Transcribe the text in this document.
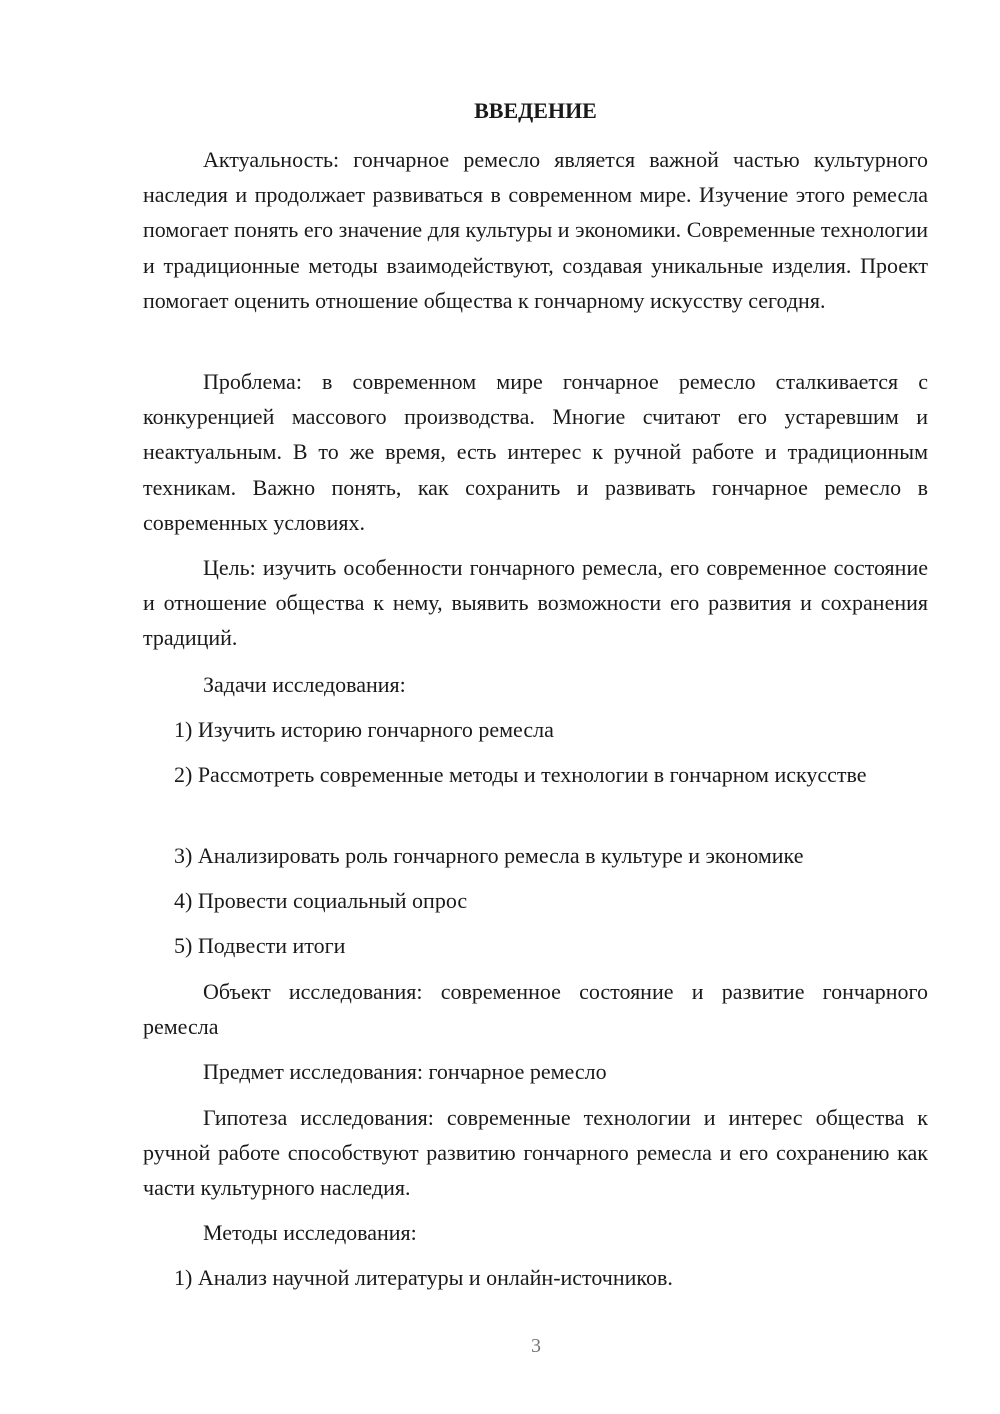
ВВЕДЕНИЕ

Актуальность: гончарное ремесло является важной частью культурного наследия и продолжает развиваться в современном мире. Изучение этого ремесла помогает понять его значение для культуры и экономики. Современные технологии и традиционные методы взаимодействуют, создавая уникальные изделия. Проект помогает оценить отношение общества к гончарному искусству сегодня.

Проблема: в современном мире гончарное ремесло сталкивается с конкуренцией массового производства. Многие считают его устаревшим и неактуальным. В то же время, есть интерес к ручной работе и традиционным техникам. Важно понять, как сохранить и развивать гончарное ремесло в современных условиях.

Цель: изучить особенности гончарного ремесла, его современное состояние и отношение общества к нему, выявить возможности его развития и сохранения традиций.

Задачи исследования:

1) Изучить историю гончарного ремесла

2) Рассмотреть современные методы и технологии в гончарном искусстве

3) Анализировать роль гончарного ремесла в культуре и экономике

4) Провести социальный опрос

5) Подвести итоги

Объект исследования: современное состояние и развитие гончарного ремесла

Предмет исследования: гончарное ремесло

Гипотеза исследования: современные технологии и интерес общества к ручной работе способствуют развитию гончарного ремесла и его сохранению как части культурного наследия.

Методы исследования:

1) Анализ научной литературы и онлайн-источников.

3
